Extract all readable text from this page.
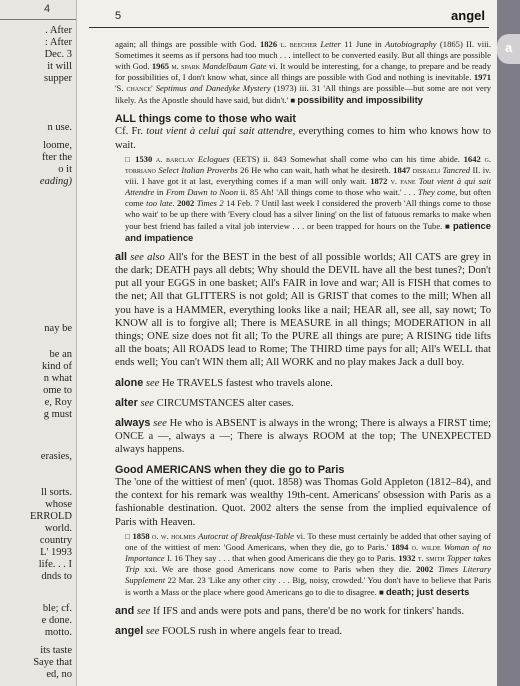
4
. After
: After
Dec. 3
it will
supper
n use.
loome,
fter the
o it
eading)
nay be
be an
kind of
n what
ome to
e, Roy
g must
erasies,
ll sorts.
whose
ERROLD
world.
country
L' 1993
life. . . I
dnds to
ble; cf.
e done.
motto.
its taste
Saye that
ed, no
5	angel

again; all things are possible with God. 1826 l. beecher Letter 11 June in Autobiography (1865) II. viii. Sometimes it seems as if persons had too much . . . intellect to be converted easily. But all things are possible with God. 1965 m. spark Mandelbaum Gate vi. It would be interesting, for a change, to prepare and be ready for possibilities of, I don't know what, since all things are possible with God and nothing is inevitable. 1971 'S. chance' Septimus and Danedyke Mystery (1973) iii. 31 'All things are possible—but some are not very likely. As the Apostle should have said, but didn't.' ■ possibility and impossibility

ALL things come to those who wait

Cf. Fr. tout vient à celui qui sait attendre, everything comes to him who knows how to wait.

□ 1530 a. barclay Eclogues (EETS) ii. 843 Somewhat shall come who can his time abide. 1642 g. torriano Select Italian Proverbs 26 He who can wait, hath what he desireth. 1847 disraeli Tancred II. iv. viii. I have got it at last, everything comes if a man will only wait. 1872 v. fane Tout vient à qui sait Attendre in From Dawn to Noon ii. 85 Ah! 'All things come to those who wait.' . . . They come, but often come too late. 2002 Times 2 14 Feb. 7 Until last week I considered the proverb 'All things come to those who wait' to be up there with 'Every cloud has a silver lining' on the list of fatuous remarks to make when your best friend has failed a vital job interview . . . or been trapped for hours on the Tube. ■ patience and impatience

all see also All's for the BEST in the best of all possible worlds; All CATS are grey in the dark; DEATH pays all debts; Why should the DEVIL have all the best tunes?; Don't put all your EGGS in one basket; All's FAIR in love and war; All is FISH that comes to the net; All that GLITTERS is not gold; All is GRIST that comes to the mill; When all you have is a HAMMER, everything looks like a nail; HEAR all, see all, say nowt; To KNOW all is to forgive all; There is MEASURE in all things; MODERATION in all things; ONE size does not fit all; To the PURE all things are pure; A RISING tide lifts all the boats; All ROADS lead to Rome; The THIRD time pays for all; All's WELL that ends well; You can't WIN them all; All WORK and no play makes Jack a dull boy.

alone see He TRAVELS fastest who travels alone.

alter see CIRCUMSTANCES alter cases.

always see He who is ABSENT is always in the wrong; There is always a FIRST time; ONCE a —, always a —; There is always ROOM at the top; The UNEXPECTED always happens.

Good AMERICANS when they die go to Paris

The 'one of the wittiest of men' (quot. 1858) was Thomas Gold Appleton (1812–84), and the context for his remark was wealthy 19th-cent. Americans' obsession with Paris as a fashionable destination. Quot. 2002 alters the sense from the implied equivalence of Paris with Heaven.

□ 1858 o. w. holmes Autocrat of Breakfast-Table vi. To these must certainly be added that other saying of one of the wittiest of men: 'Good Americans, when they die, go to Paris.' 1894 o. wilde Woman of no Importance I. 16 They say . . . that when good Americans die they go to Paris. 1932 t. smith Topper takes Trip xxi. We are those good Americans now come to Paris when they die. 2002 Times Literary Supplement 22 Mar. 23 'Like any other city . . . Big, noisy, crowded.' You don't have to believe that Paris is worth a Mass or the place where good Americans go to die to disagree. ■ death; just deserts

and see If IFS and ands were pots and pans, there'd be no work for tinkers' hands.

angel see FOOLS rush in where angels fear to tread.

a
